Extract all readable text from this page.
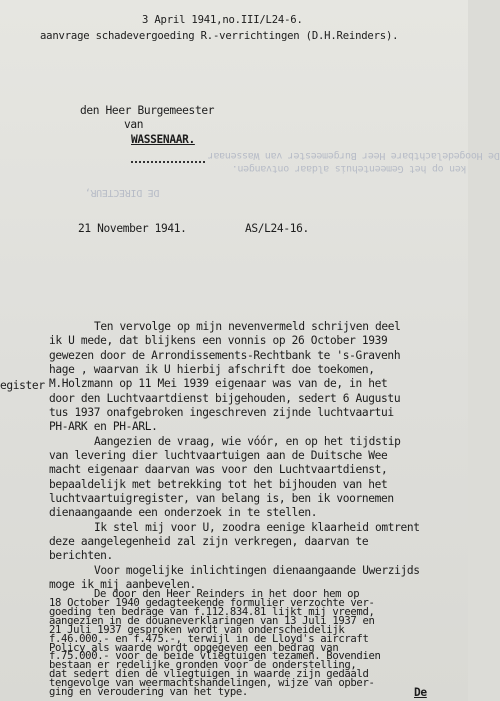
3 April 1941,no.III/L24-6.
aanvrage schadevergoeding R.-verrichtingen (D.H.Reinders).
den Heer Burgemeester
van
WASSENAAR.
De Hoogedelachtbare Heer Burgemeester van Wassenaar
ken op het Gemeentehuis aldaar ontvangen.
DE DIRECTEUR,
21 November 1941.	AS/L24-16.
egister
Ten vervolge op mijn nevenvermeld schrijven deel
ik U mede, dat blijkens een vonnis op 26 October 1939
gewezen door de Arrondissements-Rechtbank te 's-Gravenh
hage , waarvan ik U hierbij afschrift doe toekomen,
M.Holzmann op 11 Mei 1939 eigenaar was van de, in het
door den Luchtvaartdienst bijgehouden, sedert 6 Augustu
tus 1937 onafgebroken ingeschreven zijnde luchtvaartui
PH-ARK en PH-ARL.
Aangezien de vraag, wie vóór, en op het tijdstip
van levering dier luchtvaartuigen aan de Duitsche Wee
macht eigenaar daarvan was voor den Luchtvaartdienst,
bepaaldelijk met betrekking tot het bijhouden van het
luchtvaartuigregister, van belang is, ben ik voornemen
dienaangaande een onderzoek in te stellen.
Ik stel mij voor U, zoodra eenige klaarheid omtrent
deze aangelegenheid zal zijn verkregen, daarvan te
berichten.
Voor mogelijke inlichtingen dienaangaande Uwerzijds
moge ik mij aanbevelen.
De door den Heer Reinders in het door hem op
18 October 1940 gedagteekende formulier verzochte ver-
goeding ten bedrage van f.112.834.81 lijkt mij vreemd,
aangezien in de douaneverklaringen van 13 Juli 1937 en
21 Juli 1937 gesproken wordt van onderscheidelijk
f.46.000.- en f.475.-, terwijl in de Lloyd's aircraft
Policy als waarde wordt opgegeven een bedrag van
f.75.000.- voor de beide vliegtuigen tezamen. Bovendien
bestaan er redelijke gronden voor de onderstelling,
dat sedert dien de vliegtuigen in waarde zijn gedaald
tengevolge van weermachtshandelingen, wijze van opber-
ging en veroudering van het type.	De
